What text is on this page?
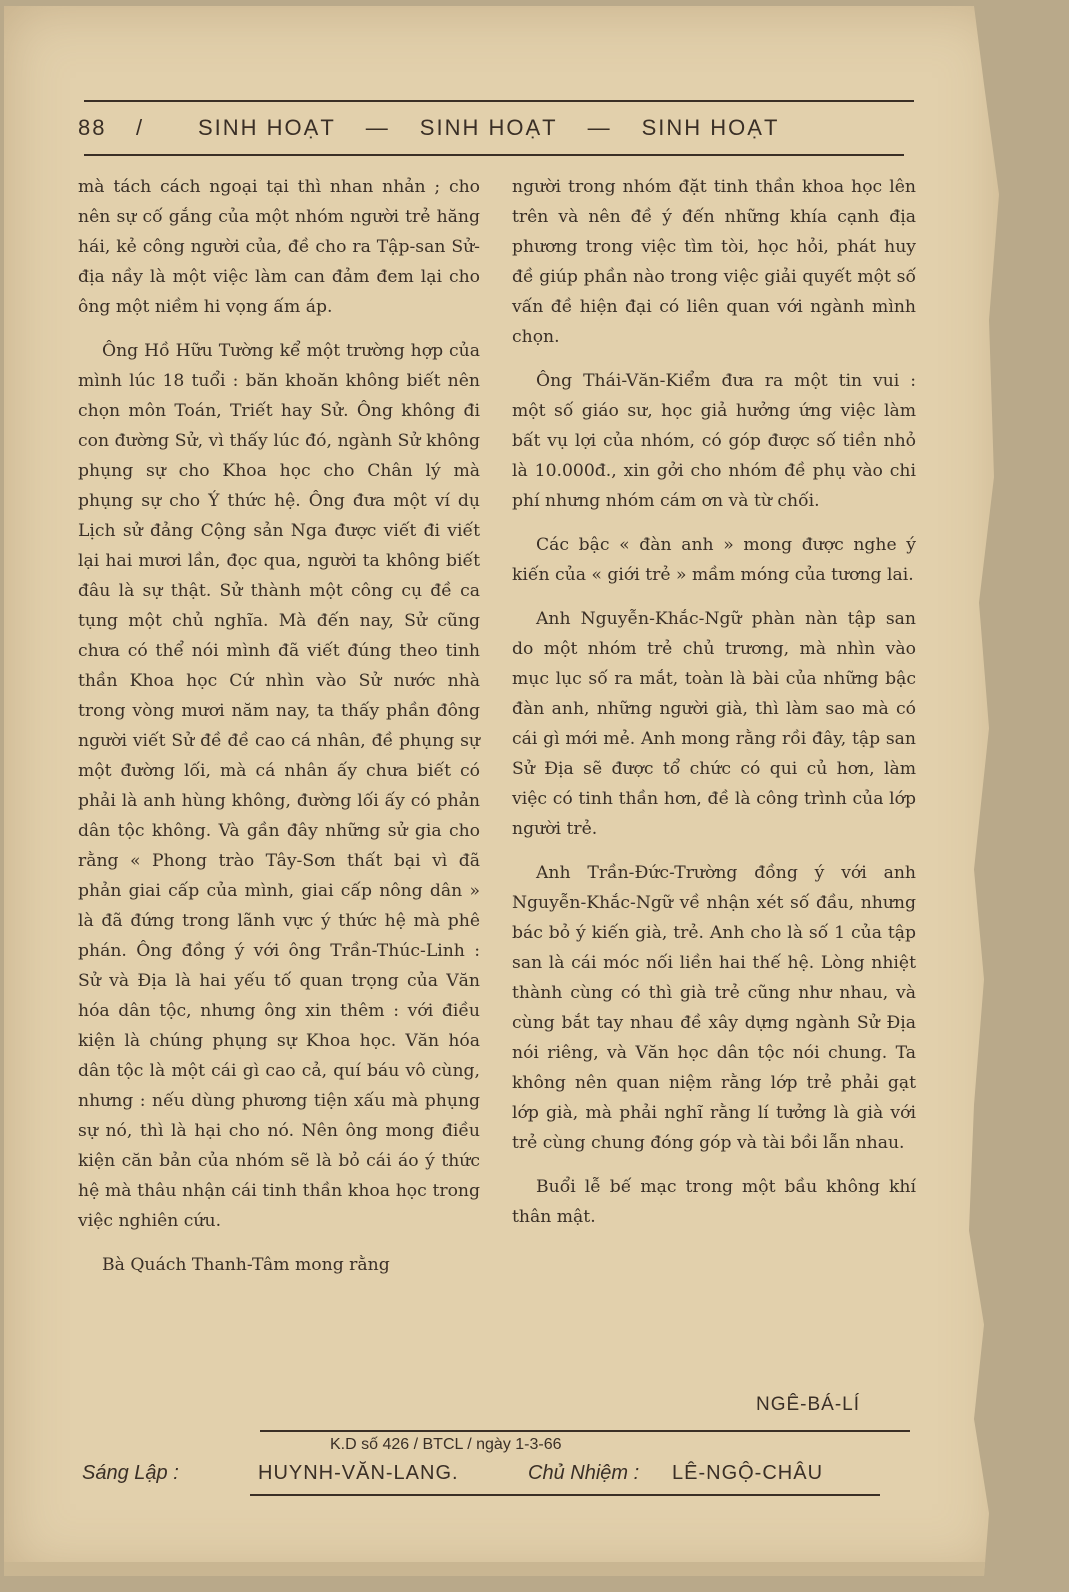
88	/	SINH HOẠT — SINH HOẠT — SINH HOẠT

mà tách cách ngoại tại thì nhan nhản ; cho nên sự cố gắng của một nhóm người trẻ hăng hái, kẻ công người của, đề cho ra Tập-san Sử-địa nầy là một việc làm can đảm đem lại cho ông một niềm hi vọng ấm áp.

Ông Hồ Hữu Tường kể một trường hợp của mình lúc 18 tuổi : băn khoăn không biết nên chọn môn Toán, Triết hay Sử. Ông không đi con đường Sử, vì thấy lúc đó, ngành Sử không phụng sự cho Khoa học cho Chân lý mà phụng sự cho Ý thức hệ. Ông đưa một ví dụ Lịch sử đảng Cộng sản Nga được viết đi viết lại hai mươi lần, đọc qua, người ta không biết đâu là sự thật. Sử thành một công cụ đề ca tụng một chủ nghĩa. Mà đến nay, Sử cũng chưa có thể nói mình đã viết đúng theo tinh thần Khoa học Cứ nhìn vào Sử nước nhà trong vòng mươi năm nay, ta thấy phần đông người viết Sử đề đề cao cá nhân, đề phụng sự một đường lối, mà cá nhân ấy chưa biết có phải là anh hùng không, đường lối ấy có phản dân tộc không. Và gần đây những sử gia cho rằng « Phong trào Tây-Sơn thất bại vì đã phản giai cấp của mình, giai cấp nông dân » là đã đứng trong lãnh vực ý thức hệ mà phê phán. Ông đồng ý với ông Trần-Thúc-Linh : Sử và Địa là hai yếu tố quan trọng của Văn hóa dân tộc, nhưng ông xin thêm : với điều kiện là chúng phụng sự Khoa học. Văn hóa dân tộc là một cái gì cao cả, quí báu vô cùng, nhưng : nếu dùng phương tiện xấu mà phụng sự nó, thì là hại cho nó. Nên ông mong điều kiện căn bản của nhóm sẽ là bỏ cái áo ý thức hệ mà thâu nhận cái tinh thần khoa học trong việc nghiên cứu.

Bà Quách Thanh-Tâm mong rằng

người trong nhóm đặt tinh thần khoa học lên trên và nên đề ý đến những khía cạnh địa phương trong việc tìm tòi, học hỏi, phát huy đề giúp phần nào trong việc giải quyết một số vấn đề hiện đại có liên quan với ngành mình chọn.

Ông Thái-Văn-Kiểm đưa ra một tin vui : một số giáo sư, học giả hưởng ứng việc làm bất vụ lợi của nhóm, có góp được số tiền nhỏ là 10.000đ., xin gởi cho nhóm đề phụ vào chi phí nhưng nhóm cám ơn và từ chối.

Các bậc « đàn anh » mong được nghe ý kiến của « giới trẻ » mầm móng của tương lai.

Anh Nguyễn-Khắc-Ngữ phàn nàn tập san do một nhóm trẻ chủ trương, mà nhìn vào mục lục số ra mắt, toàn là bài của những bậc đàn anh, những người già, thì làm sao mà có cái gì mới mẻ. Anh mong rằng rồi đây, tập san Sử Địa sẽ được tổ chức có qui củ hơn, làm việc có tinh thần hơn, đề là công trình của lớp người trẻ.

Anh Trần-Đức-Trường đồng ý với anh Nguyễn-Khắc-Ngữ về nhận xét số đầu, nhưng bác bỏ ý kiến già, trẻ. Anh cho là số 1 của tập san là cái móc nối liền hai thế hệ. Lòng nhiệt thành cùng có thì già trẻ cũng như nhau, và cùng bắt tay nhau đề xây dựng ngành Sử Địa nói riêng, và Văn học dân tộc nói chung. Ta không nên quan niệm rằng lớp trẻ phải gạt lớp già, mà phải nghĩ rằng lí tưởng là già với trẻ cùng chung đóng góp và tài bồi lẫn nhau.

Buổi lễ bế mạc trong một bầu không khí thân mật.

NGÊ-BÁ-LÍ
K.D số 426 / BTCL / ngày 1-3-66
Sáng Lập :	HUYNH-VĂN-LANG.	Chủ Nhiệm : LÊ-NGỘ-CHÂU
